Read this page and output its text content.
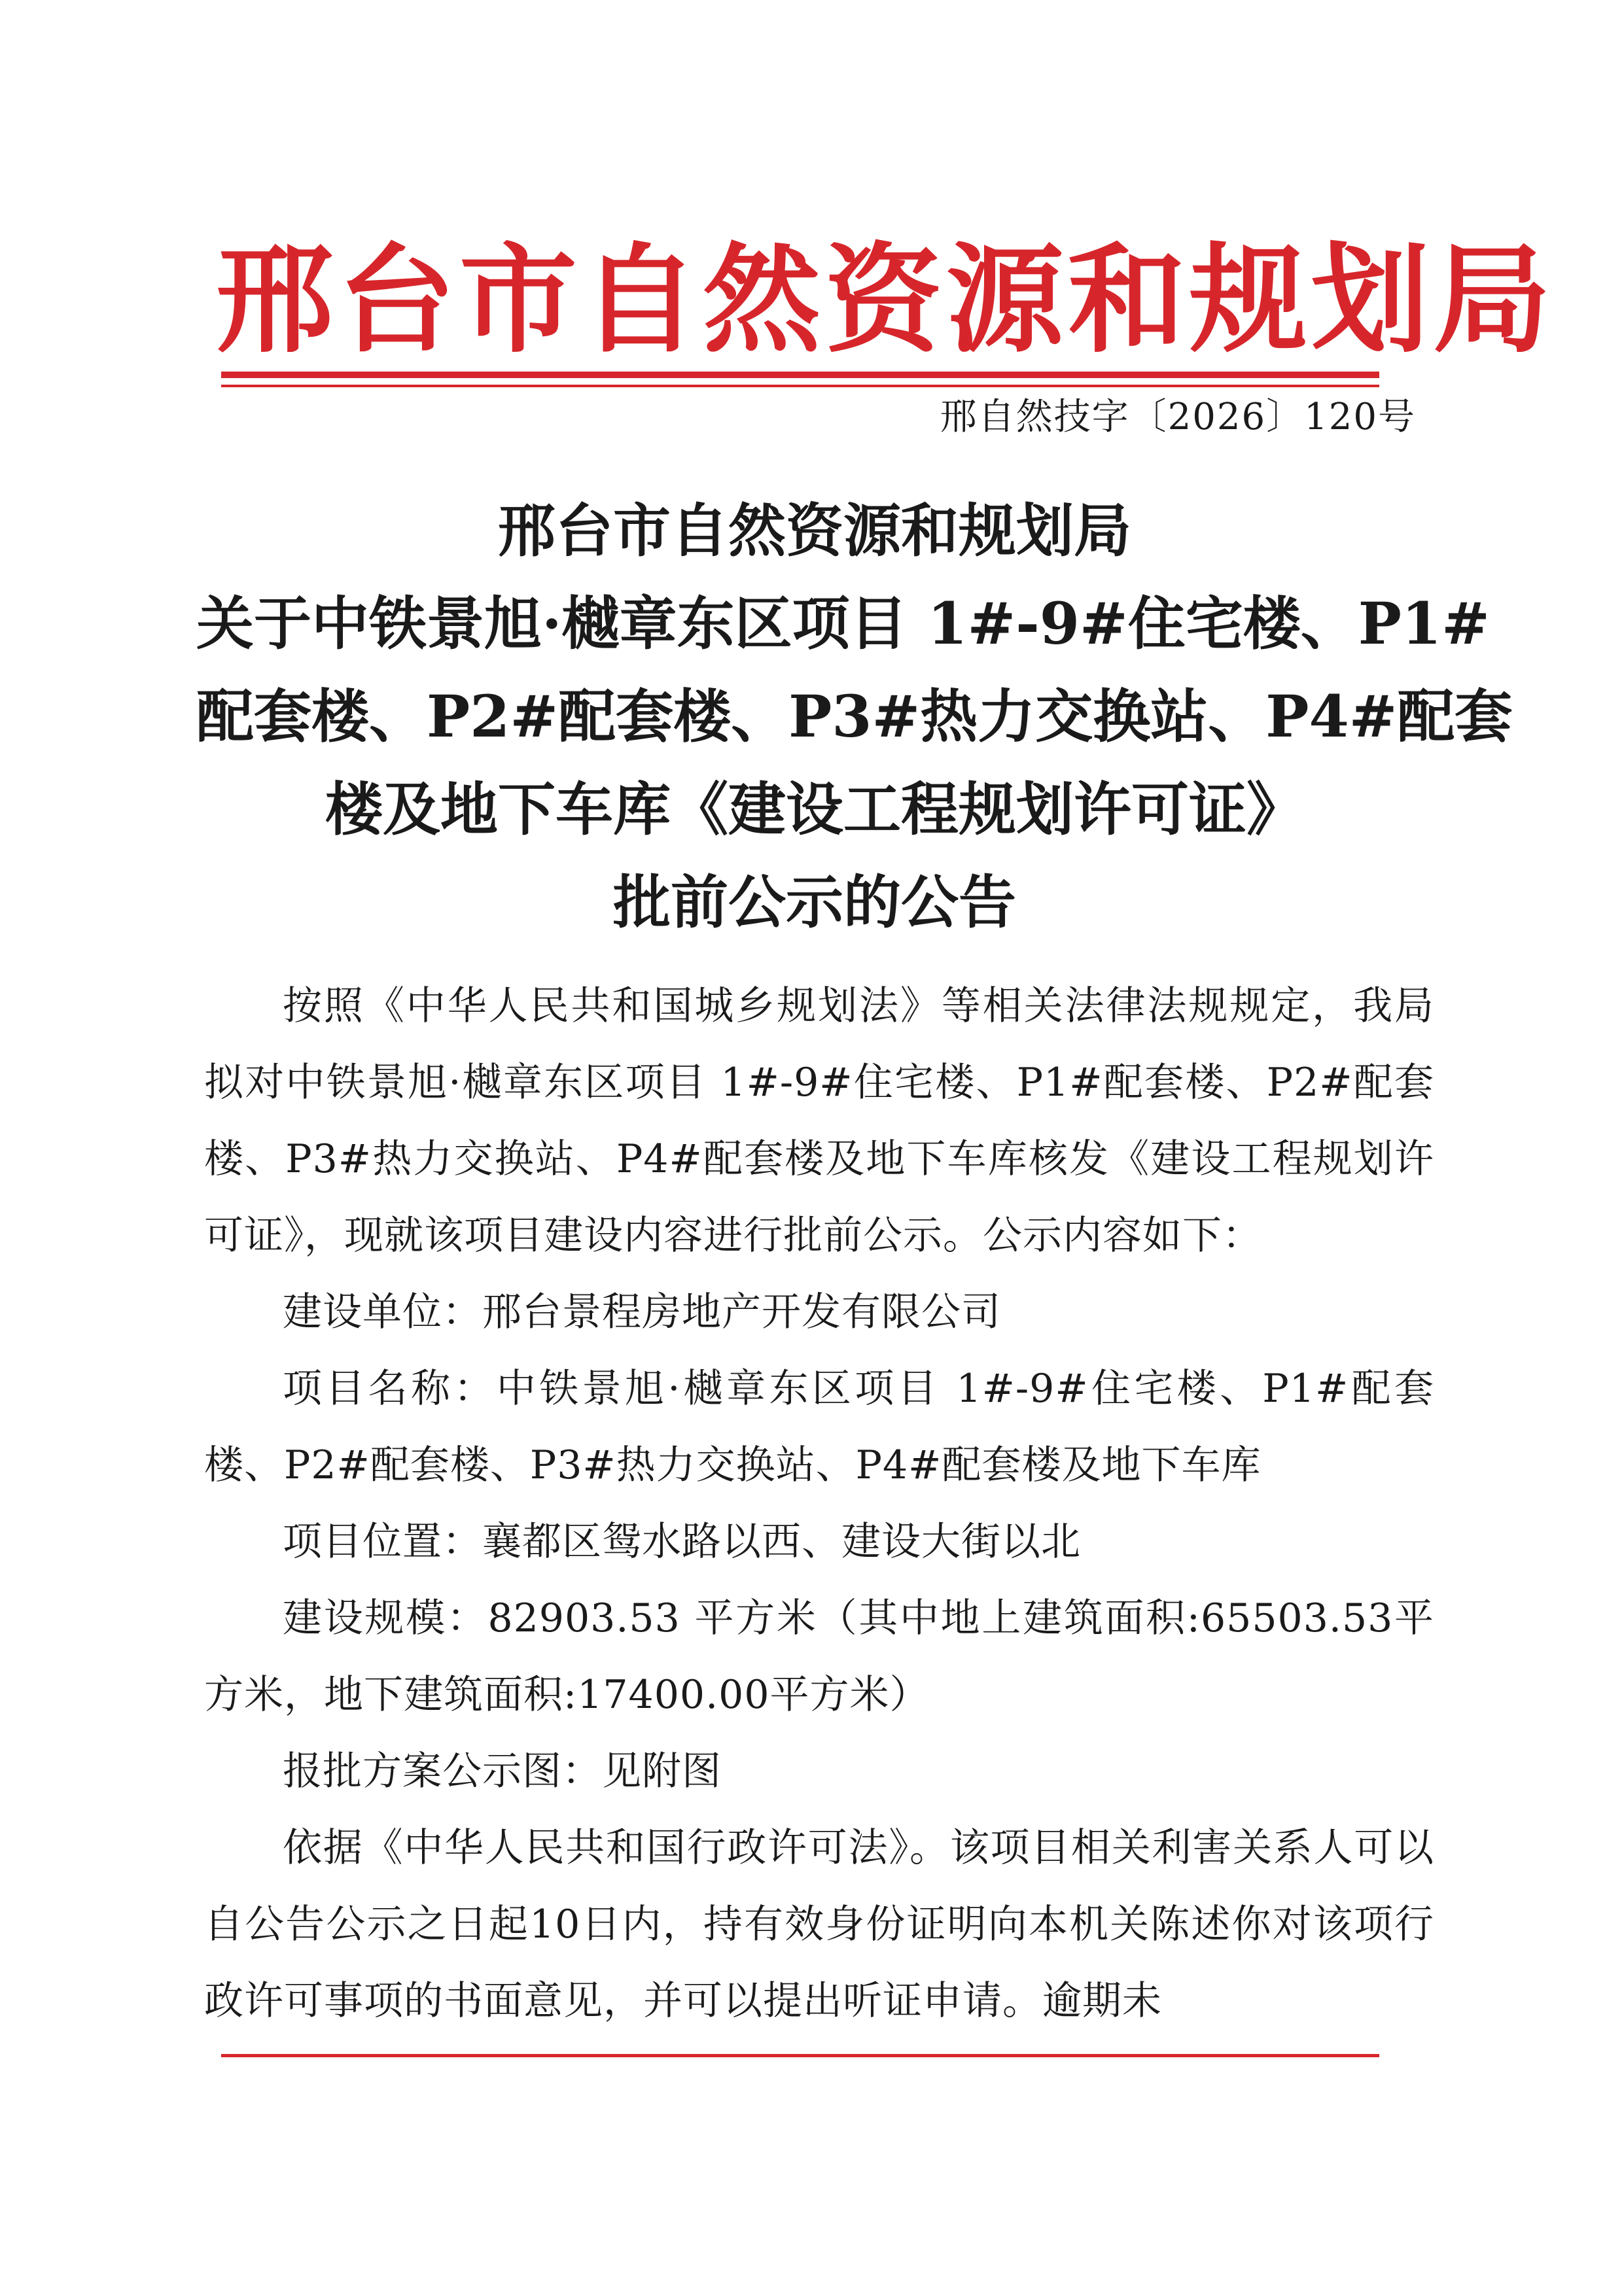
邢台市自然资源和规划局
邢自然技字〔2026〕120号
邢台市自然资源和规划局
关于中铁景旭·樾章东区项目 1#-9#住宅楼、P1#
配套楼、P2#配套楼、P3#热力交换站、P4#配套
楼及地下车库《建设工程规划许可证》
批前公示的公告
按照《中华人民共和国城乡规划法》等相关法律法规规定，我局拟对中铁景旭·樾章东区项目 1#-9#住宅楼、P1#配套楼、P2#配套楼、P3#热力交换站、P4#配套楼及地下车库核发《建设工程规划许可证》，现就该项目建设内容进行批前公示。公示内容如下：
建设单位：邢台景程房地产开发有限公司
项目名称：中铁景旭·樾章东区项目 1#-9#住宅楼、P1#配套楼、P2#配套楼、P3#热力交换站、P4#配套楼及地下车库
项目位置：襄都区鸳水路以西、建设大街以北
建设规模：82903.53 平方米（其中地上建筑面积:65503.53平方米，地下建筑面积:17400.00平方米）
报批方案公示图：见附图
依据《中华人民共和国行政许可法》。该项目相关利害关系人可以自公告公示之日起10日内，持有效身份证明向本机关陈述你对该项行政许可事项的书面意见，并可以提出听证申请。逾期未
